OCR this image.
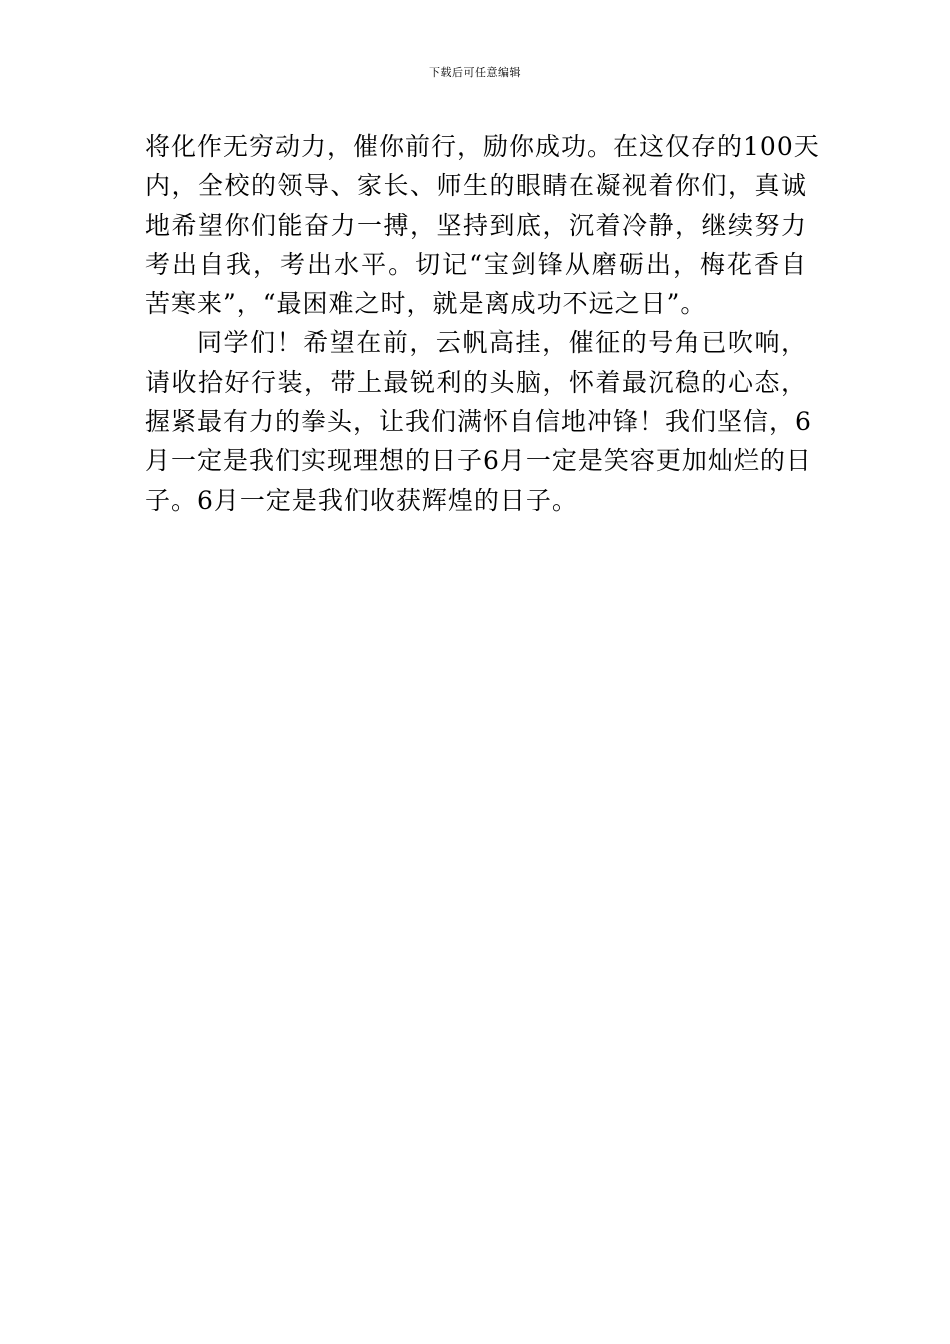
下载后可任意编辑
将化作无穷动力，催你前行，励你成功。在这仅存的100天
内，全校的领导、家长、师生的眼睛在凝视着你们，真诚
地希望你们能奋力一搏，坚持到底，沉着冷静，继续努力
考出自我，考出水平。切记“宝剑锋从磨砺出，梅花香自
苦寒来”，“最困难之时，就是离成功不远之日”。
同学们！希望在前，云帆高挂，催征的号角已吹响，
请收拾好行装，带上最锐利的头脑，怀着最沉稳的心态，
握紧最有力的拳头，让我们满怀自信地冲锋！我们坚信，6
月一定是我们实现理想的日子6月一定是笑容更加灿烂的日
子。6月一定是我们收获辉煌的日子。
